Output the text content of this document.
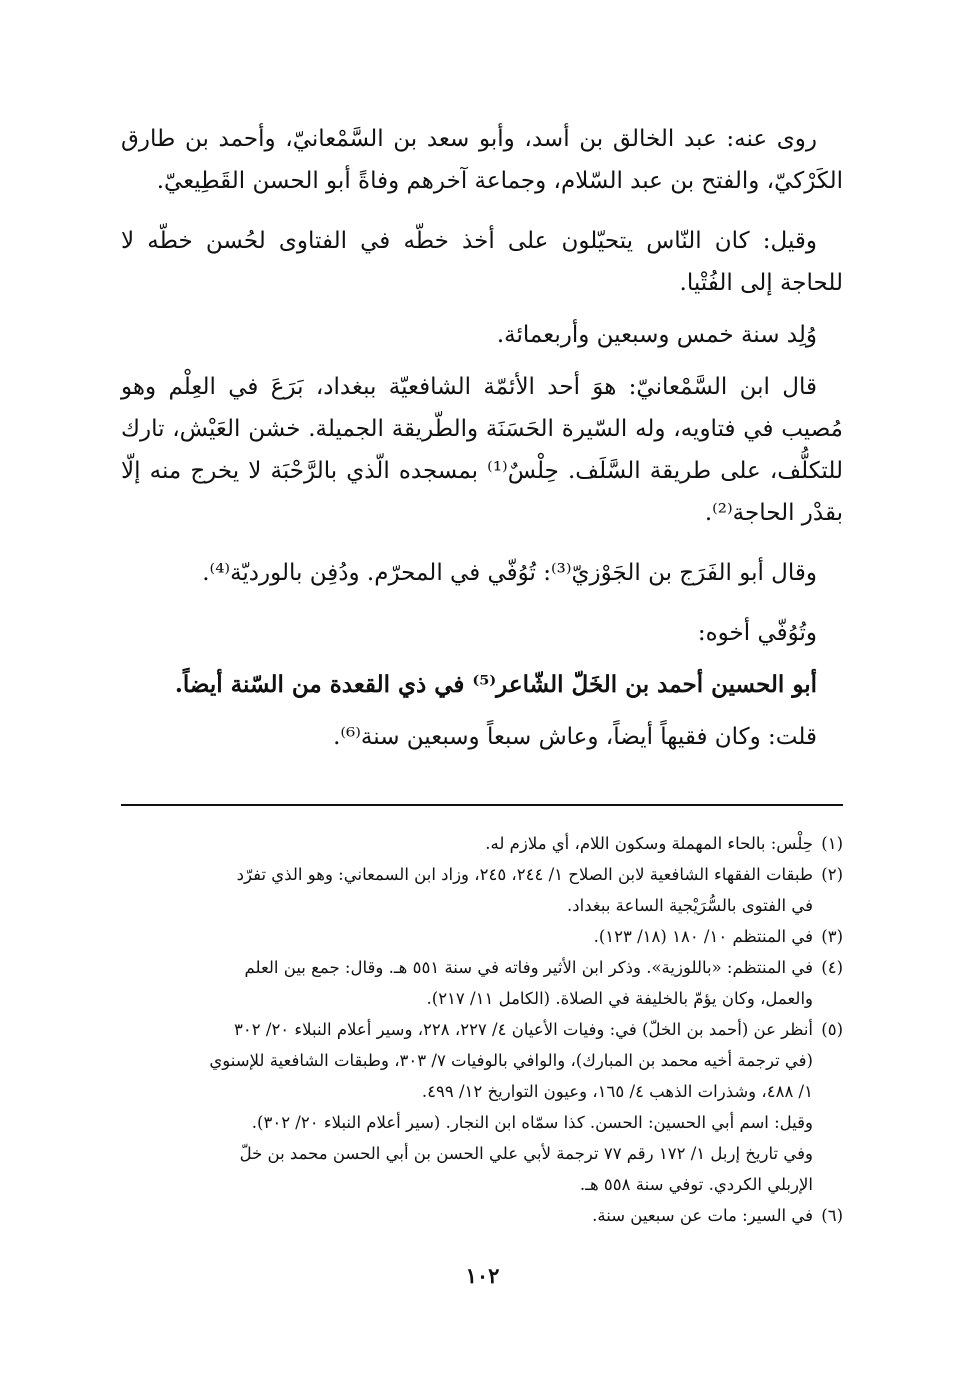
روى عنه: عبد الخالق بن أسد، وأبو سعد بن السَّمْعانيّ، وأحمد بن طارق الكَرْكيّ، والفتح بن عبد السّلام، وجماعة آخرهم وفاةً أبو الحسن القَطِيعيّ.

وقيل: كان النّاس يتحيّلون على أخذ خطّه في الفتاوى لحُسن خطّه لا للحاجة إلى الفُتْيا.

وُلِد سنة خمس وسبعين وأربعمائة.

قال ابن السَّمْعانيّ: هوَ أحد الأئمّة الشافعيّة ببغداد، بَرَعَ في العِلْم وهو مُصيب في فتاويه، وله السّيرة الحَسَنَة والطّريقة الجميلة. خشن العَيْش، تارك للتكلُّف، على طريقة السَّلَف. حِلْسٌ⁽¹⁾ بمسجده الّذي بالرَّحْبَة لا يخرج منه إلّا بقدْر الحاجة⁽²⁾.

وقال أبو الفَرَج بن الجَوْزيّ⁽³⁾: تُوُفّي في المحرّم. ودُفِن بالورديّة⁽⁴⁾.

وتُوُفّي أخوه:

أبو الحسين أحمد بن الخَلّ الشّاعر⁽⁵⁾ في ذي القعدة من السّنة أيضاً.

قلت: وكان فقيهاً أيضاً، وعاش سبعاً وسبعين سنة⁽⁶⁾.

(١)
حِلْس: بالحاء المهملة وسكون اللام، أي ملازم له.
(٢)
طبقات الفقهاء الشافعية لابن الصلاح ١/ ٢٤٤، ٢٤٥، وزاد ابن السمعاني: وهو الذي تفرّد
في الفتوى بالسُّرَيْجية الساعة ببغداد.
(٣)
في المنتظم ١٠/ ١٨٠ (١٨/ ١٢٣).
(٤)
في المنتظم: «باللوزية». وذكر ابن الأثير وفاته في سنة ٥٥١ هـ. وقال: جمع بين العلم
والعمل، وكان يؤمّ بالخليفة في الصلاة. (الكامل ١١/ ٢١٧).
(٥)
أنظر عن (أحمد بن الخلّ) في: وفيات الأعيان ٤/ ٢٢٧، ٢٢٨، وسير أعلام النبلاء ٢٠/ ٣٠٢
(في ترجمة أخيه محمد بن المبارك)، والوافي بالوفيات ٧/ ٣٠٣، وطبقات الشافعية للإسنوي
١/ ٤٨٨، وشذرات الذهب ٤/ ١٦٥، وعيون التواريخ ١٢/ ٤٩٩.
وقيل: اسم أبي الحسين: الحسن. كذا سمّاه ابن النجار. (سير أعلام النبلاء ٢٠/ ٣٠٢).
وفي تاريخ إربل ١/ ١٧٢ رقم ٧٧ ترجمة لأبي علي الحسن بن أبي الحسن محمد بن خلّ
الإربلي الكردي. توفي سنة ٥٥٨ هـ.
(٦)
في السير: مات عن سبعين سنة.
١٠٢
